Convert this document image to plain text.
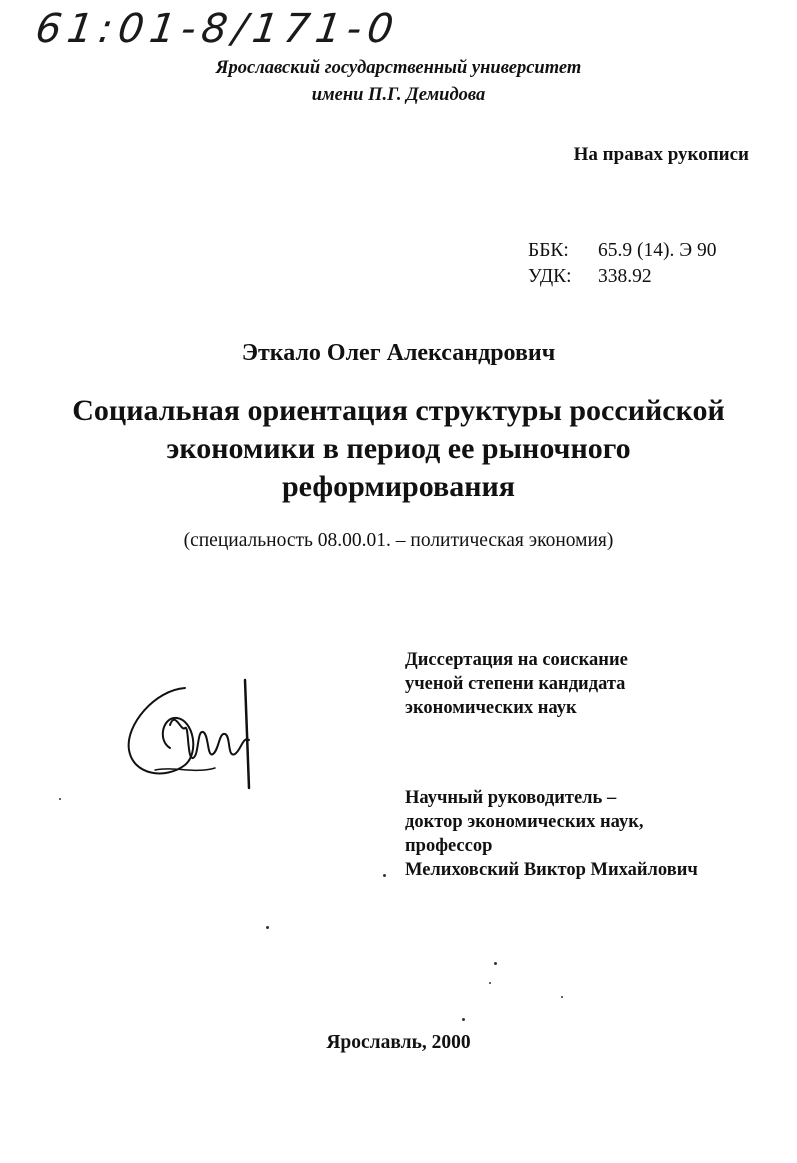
61:01-8/171-0
Ярославский государственный университет
имени П.Г. Демидова
На правах рукописи
ББК:	65.9 (14). Э 90
УДК:	338.92
Эткало Олег Александрович
Социальная ориентация структуры российской
экономики в период ее рыночного
реформирования
(специальность 08.00.01. – политическая экономия)
Диссертация на соискание
ученой степени кандидата
экономических наук
Научный руководитель –
доктор экономических наук,
профессор
Мелиховский Виктор Михайлович
Ярославль, 2000
